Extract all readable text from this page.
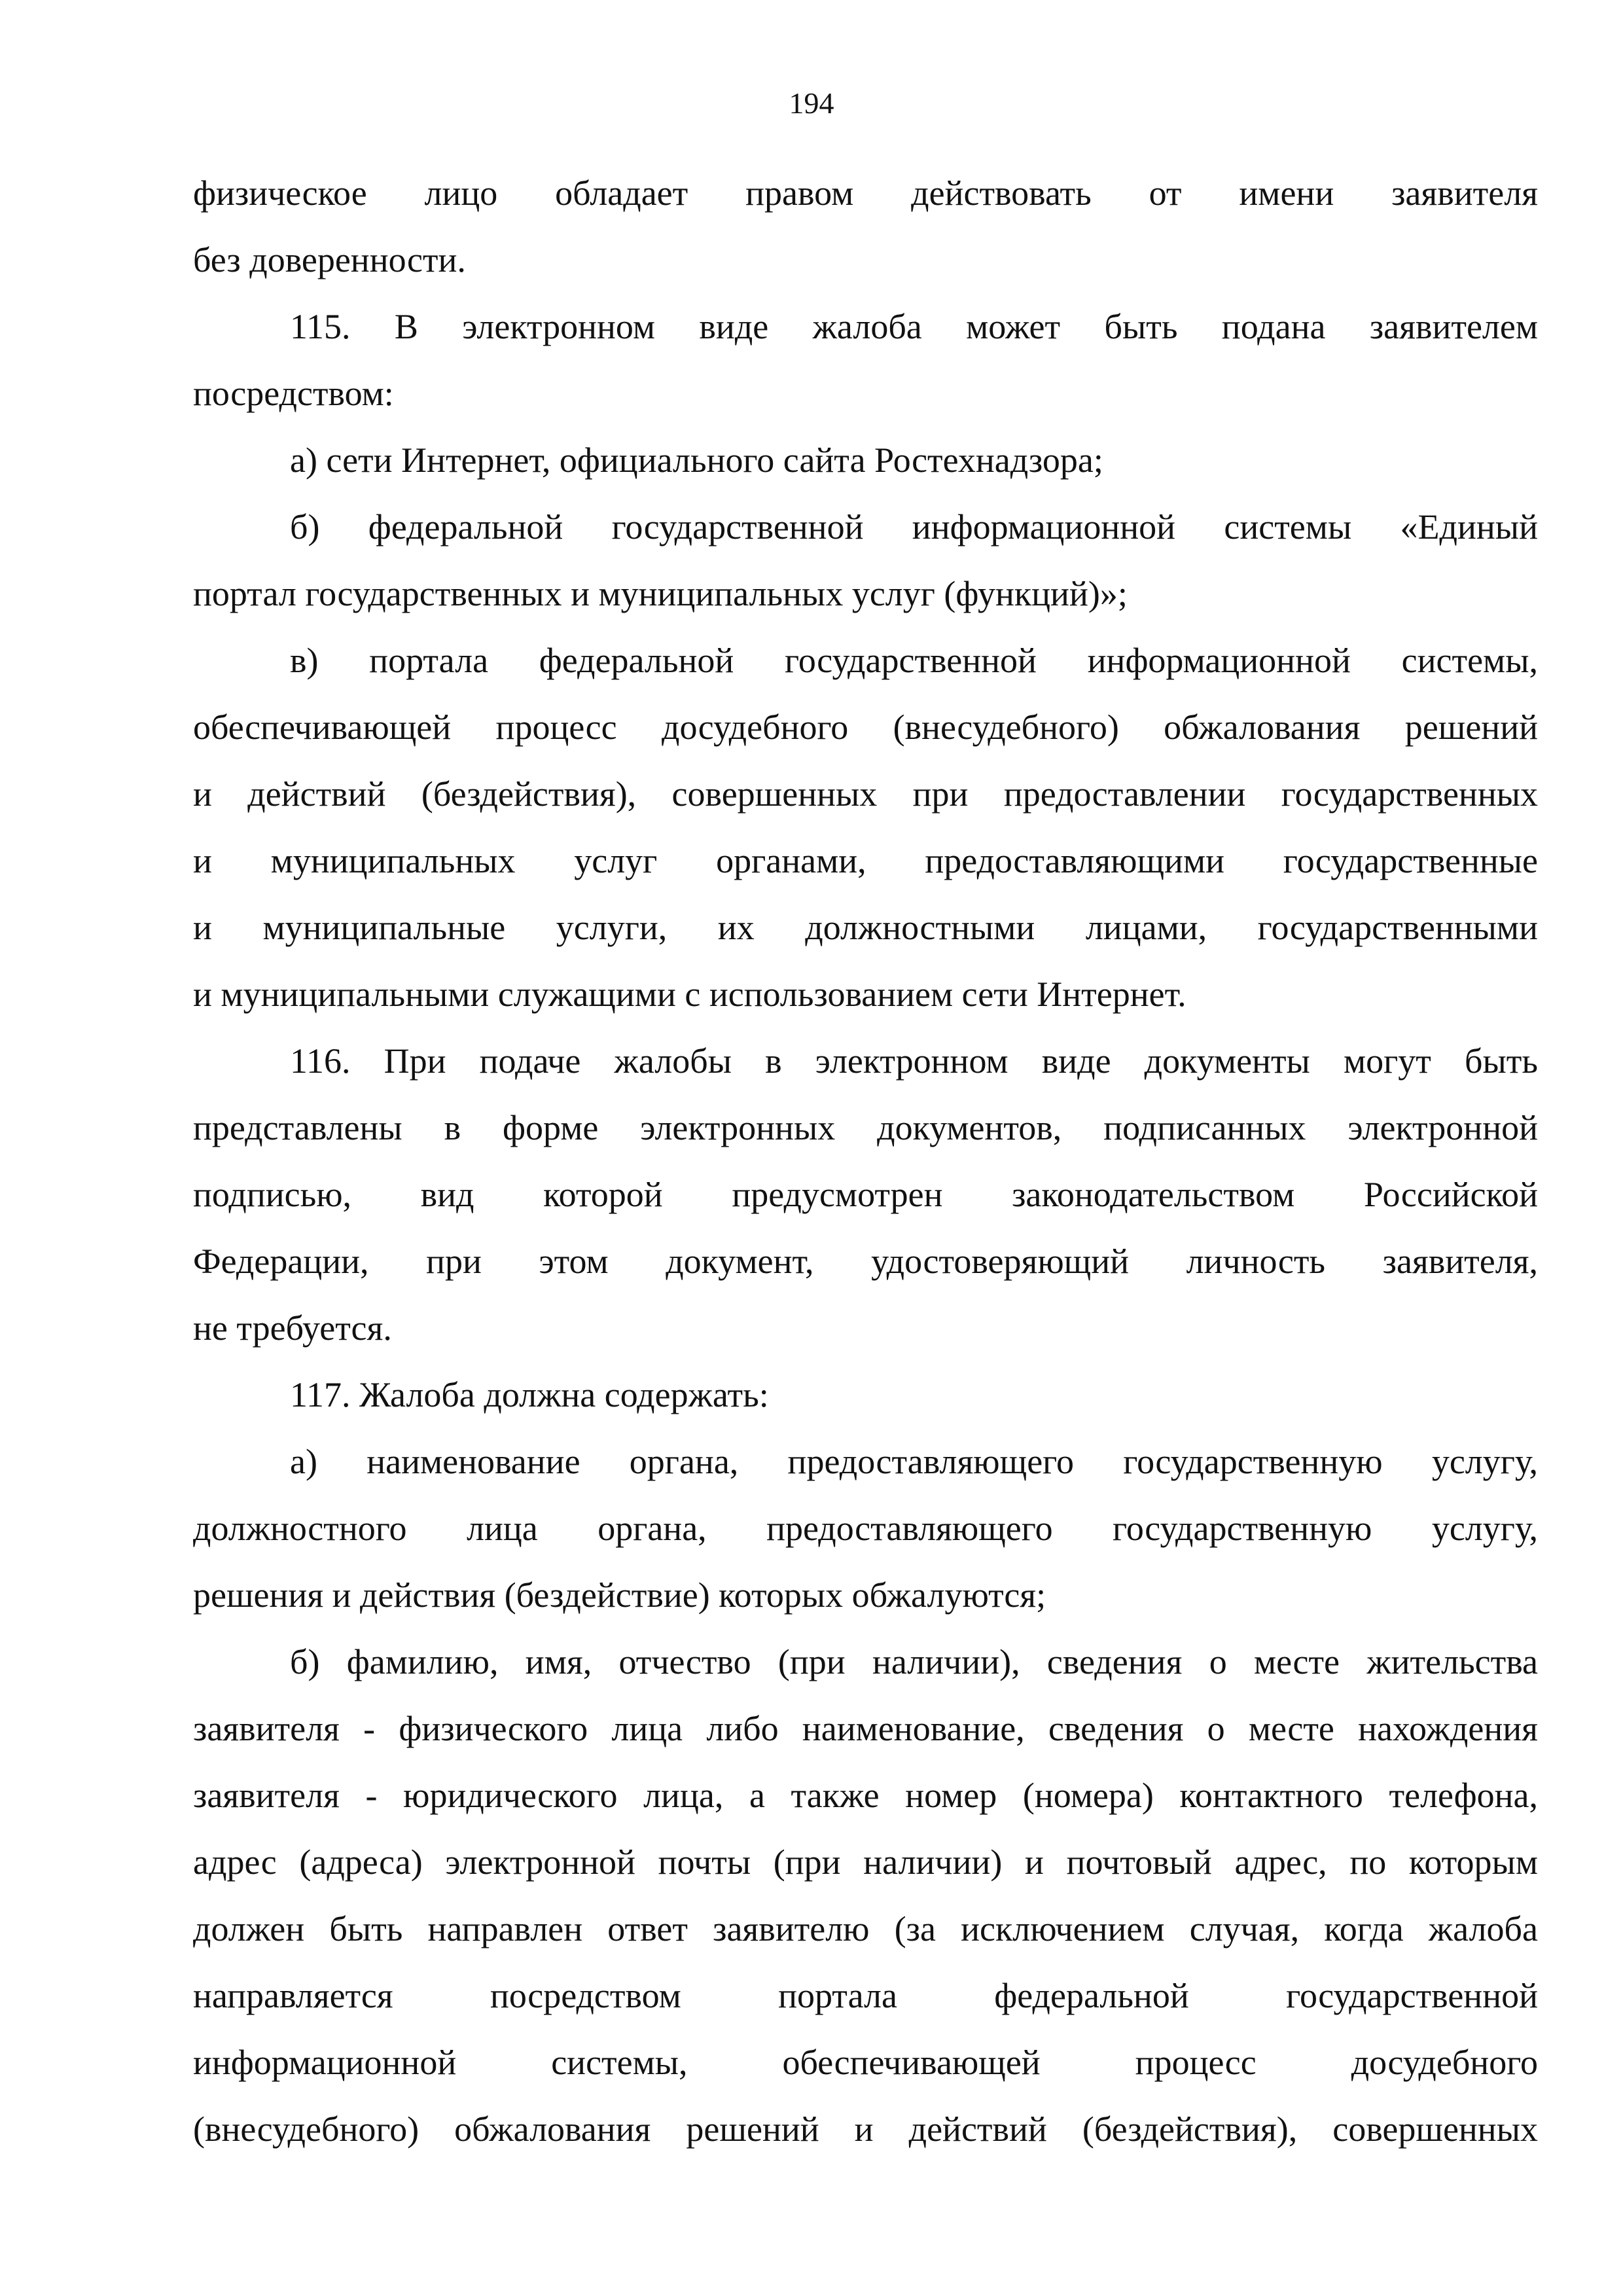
194

физическое лицо обладает правом действовать от имени заявителя

без доверенности.

115. В электронном виде жалоба может быть подана заявителем

посредством:

а) сети Интернет, официального сайта Ростехнадзора;

б) федеральной государственной информационной системы «Единый

портал государственных и муниципальных услуг (функций)»;

в) портала федеральной государственной информационной системы,

обеспечивающей процесс досудебного (внесудебного) обжалования решений

и действий (бездействия), совершенных при предоставлении государственных

и муниципальных услуг органами, предоставляющими государственные

и муниципальные услуги, их должностными лицами, государственными

и муниципальными служащими с использованием сети Интернет.

116. При подаче жалобы в электронном виде документы могут быть

представлены в форме электронных документов, подписанных электронной

подписью, вид которой предусмотрен законодательством Российской

Федерации, при этом документ, удостоверяющий личность заявителя,

не требуется.

117. Жалоба должна содержать:

а) наименование органа, предоставляющего государственную услугу,

должностного лица органа, предоставляющего государственную услугу,

решения и действия (бездействие) которых обжалуются;

б) фамилию, имя, отчество (при наличии), сведения о месте жительства

заявителя - физического лица либо наименование, сведения о месте нахождения

заявителя - юридического лица, а также номер (номера) контактного телефона,

адрес (адреса) электронной почты (при наличии) и почтовый адрес, по которым

должен быть направлен ответ заявителю (за исключением случая, когда жалоба

направляется посредством портала федеральной государственной

информационной системы, обеспечивающей процесс досудебного

(внесудебного) обжалования решений и действий (бездействия), совершенных
